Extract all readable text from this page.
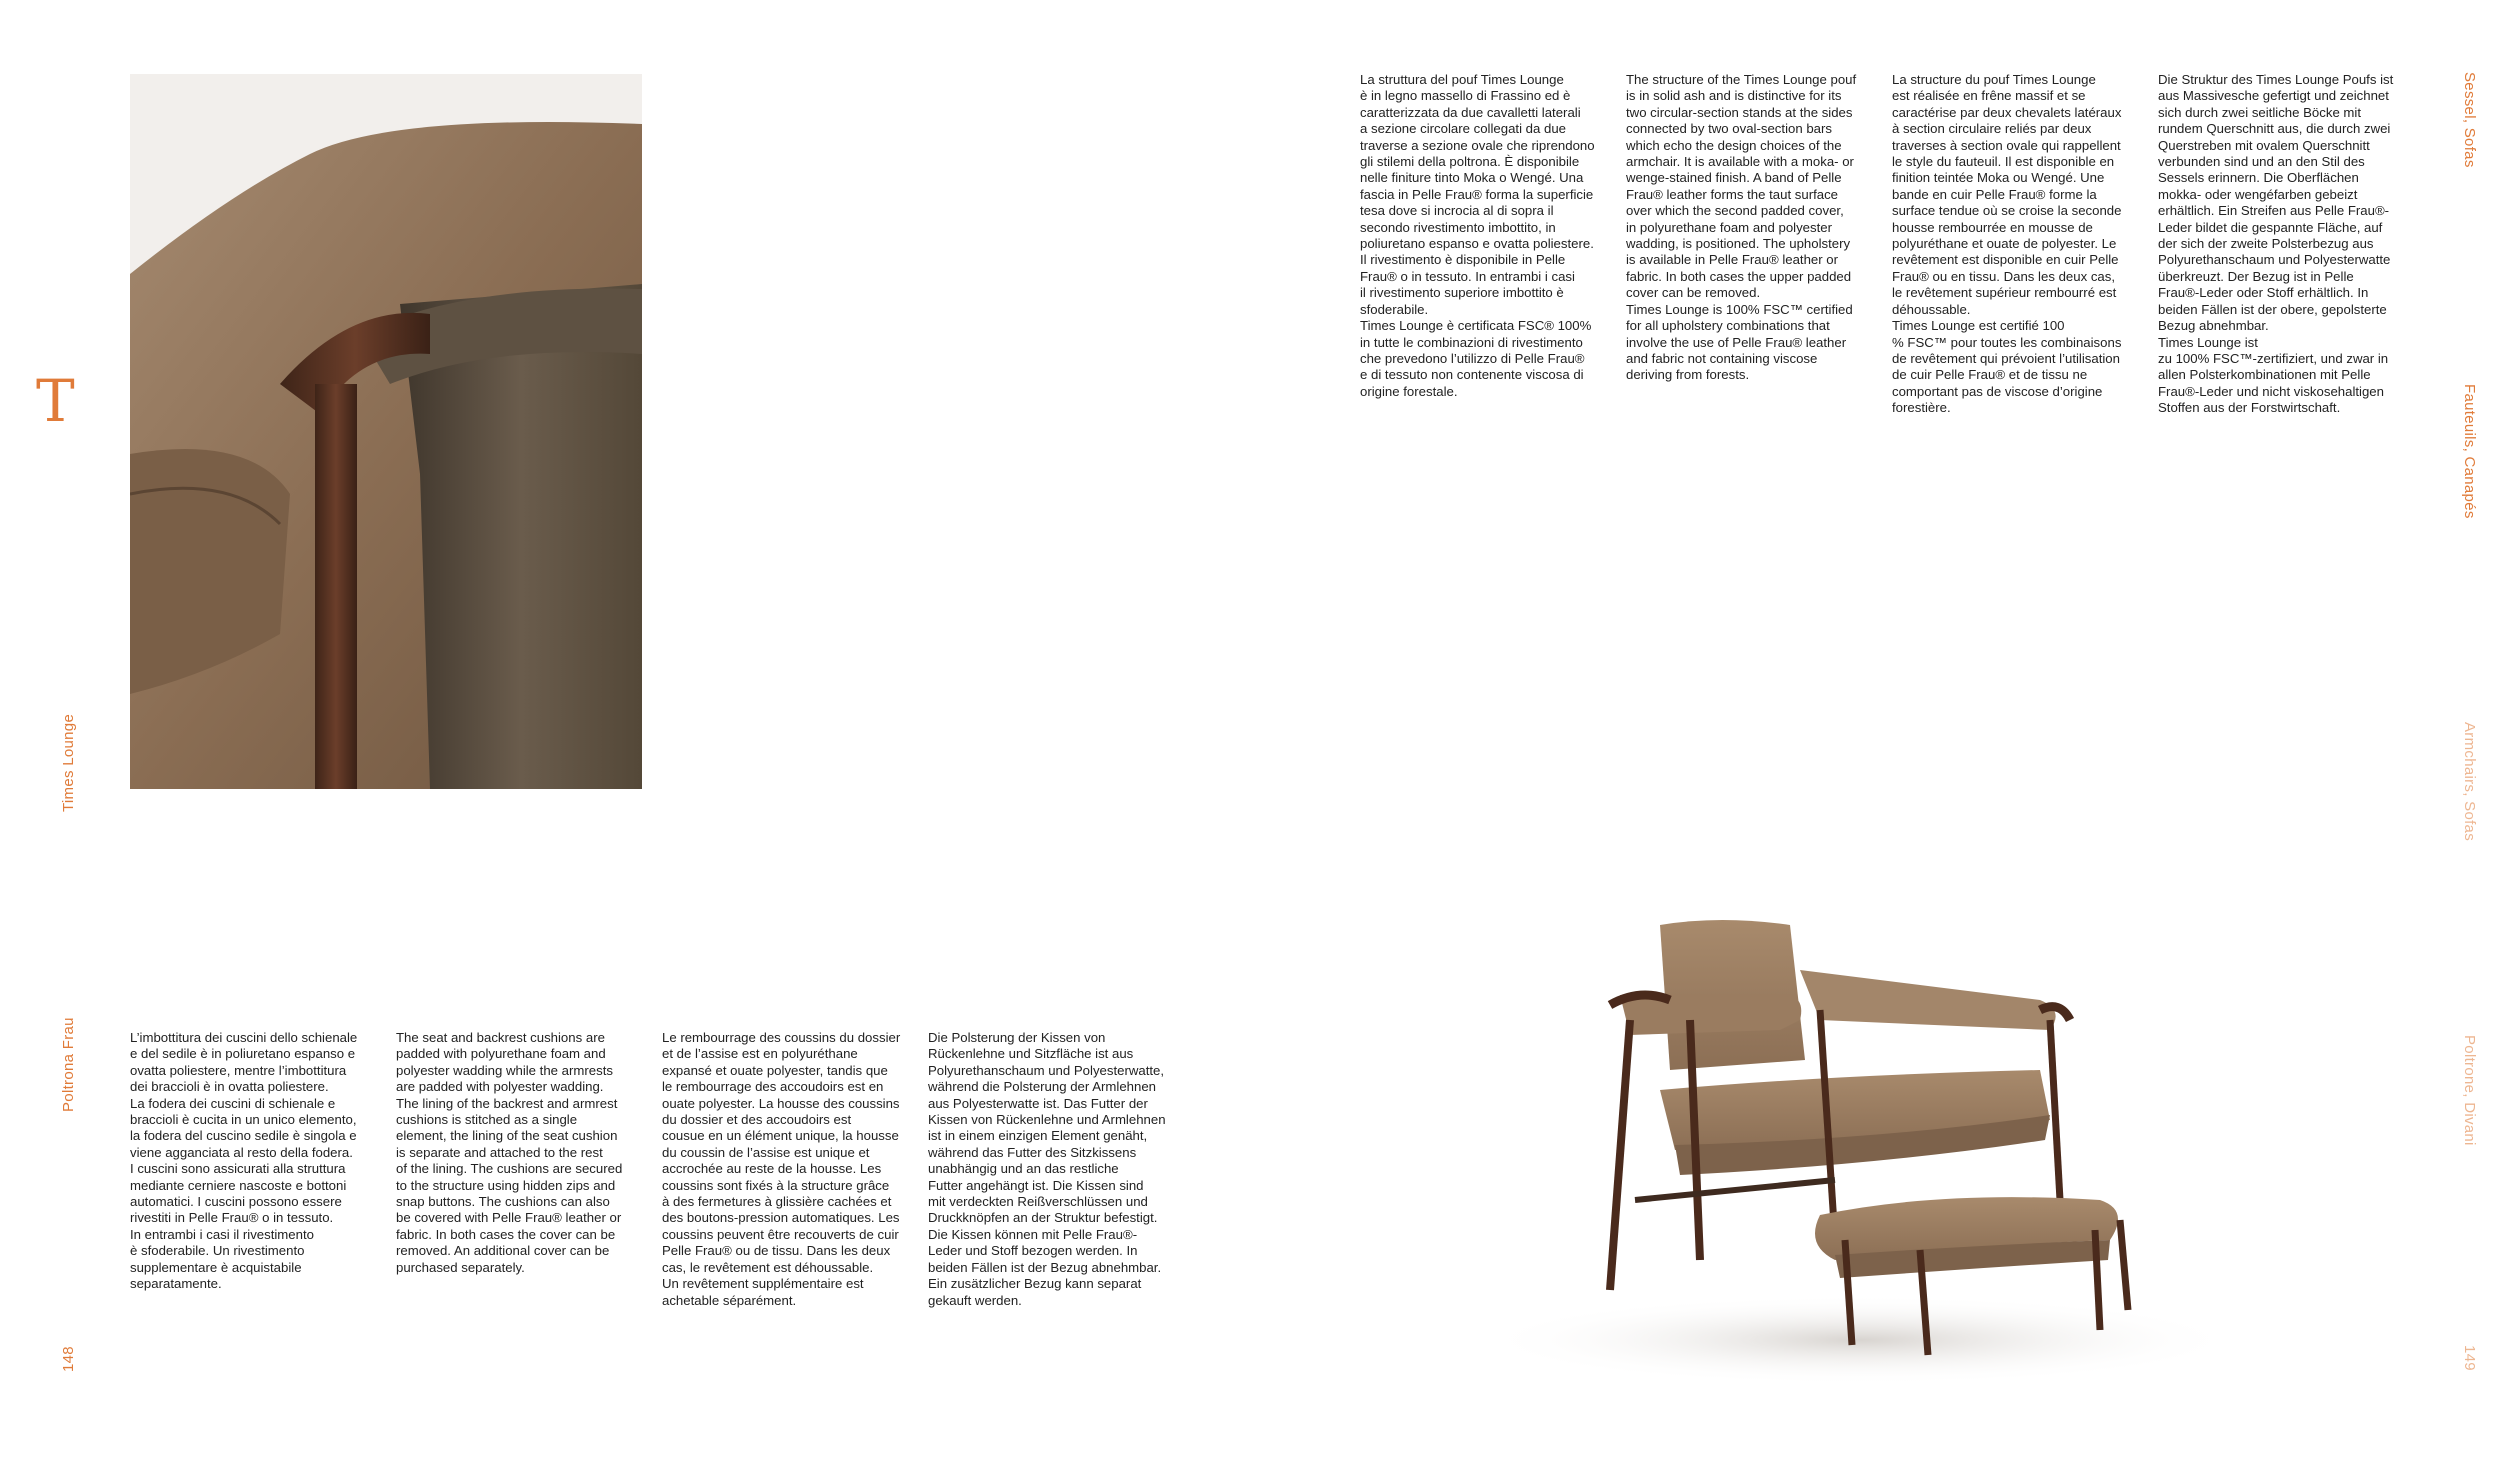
T
Times Lounge
Poltrona Frau
148

L’imbottitura dei cuscini dello schienale

e del sedile è in poliuretano espanso e

ovatta poliestere, mentre l’imbottitura

dei braccioli è in ovatta poliestere.

La fodera dei cuscini di schienale e

braccioli è cucita in un unico elemento,

la fodera del cuscino sedile è singola e

viene agganciata al resto della fodera.

I cuscini sono assicurati alla struttura

mediante cerniere nascoste e bottoni

automatici. I cuscini possono essere

rivestiti in Pelle Frau® o in tessuto.

In entrambi i casi il rivestimento

è sfoderabile. Un rivestimento

supplementare è acquistabile

separatamente.

The seat and backrest cushions are

padded with polyurethane foam and

polyester wadding while the armrests

are padded with polyester wadding.

The lining of the backrest and armrest

cushions is stitched as a single

element, the lining of the seat cushion

is separate and attached to the rest

of the lining. The cushions are secured

to the structure using hidden zips and

snap buttons. The cushions can also

be covered with Pelle Frau® leather or

fabric. In both cases the cover can be

removed. An additional cover can be

purchased separately.

Le rembourrage des coussins du dossier

et de l’assise est en polyuréthane

expansé et ouate polyester, tandis que

le rembourrage des accoudoirs est en

ouate polyester. La housse des coussins

du dossier et des accoudoirs est

cousue en un élément unique, la housse

du coussin de l’assise est unique et

accrochée au reste de la housse. Les

coussins sont fixés à la structure grâce

à des fermetures à glissière cachées et

des boutons-pression automatiques. Les

coussins peuvent être recouverts de cuir

Pelle Frau® ou de tissu. Dans les deux

cas, le revêtement est déhoussable.

Un revêtement supplémentaire est

achetable séparément.

Die Polsterung der Kissen von

Rückenlehne und Sitzfläche ist aus

Polyurethanschaum und Polyesterwatte,

während die Polsterung der Armlehnen

aus Polyesterwatte ist. Das Futter der

Kissen von Rückenlehne und Armlehnen

ist in einem einzigen Element genäht,

während das Futter des Sitzkissens

unabhängig und an das restliche

Futter angehängt ist. Die Kissen sind

mit verdeckten Reißverschlüssen und

Druckknöpfen an der Struktur befestigt.

Die Kissen können mit Pelle Frau®-

Leder und Stoff bezogen werden. In

beiden Fällen ist der Bezug abnehmbar.

Ein zusätzlicher Bezug kann separat

gekauft werden.

La struttura del pouf Times Lounge

è in legno massello di Frassino ed è

caratterizzata da due cavalletti laterali

a sezione circolare collegati da due

traverse a sezione ovale che riprendono

gli stilemi della poltrona. È disponibile

nelle finiture tinto Moka o Wengé. Una

fascia in Pelle Frau® forma la superficie

tesa dove si incrocia al di sopra il

secondo rivestimento imbottito, in

poliuretano espanso e ovatta poliestere.

Il rivestimento è disponibile in Pelle

Frau® o in tessuto. In entrambi i casi

il rivestimento superiore imbottito è

sfoderabile.

Times Lounge è certificata FSC® 100%

in tutte le combinazioni di rivestimento

che prevedono l’utilizzo di Pelle Frau®

e di tessuto non contenente viscosa di

origine forestale.

The structure of the Times Lounge pouf

is in solid ash and is distinctive for its

two circular-section stands at the sides

connected by two oval-section bars

which echo the design choices of the

armchair. It is available with a moka- or

wenge-stained finish. A band of Pelle

Frau® leather forms the taut surface

over which the second padded cover,

in polyurethane foam and polyester

wadding, is positioned. The upholstery

is available in Pelle Frau® leather or

fabric. In both cases the upper padded

cover can be removed.

Times Lounge is 100% FSC™ certified

for all upholstery combinations that

involve the use of Pelle Frau® leather

and fabric not containing viscose

deriving from forests.

La structure du pouf Times Lounge

est réalisée en frêne massif et se

caractérise par deux chevalets latéraux

à section circulaire reliés par deux

traverses à section ovale qui rappellent

le style du fauteuil. Il est disponible en

finition teintée Moka ou Wengé. Une

bande en cuir Pelle Frau® forme la

surface tendue où se croise la seconde

housse rembourrée en mousse de

polyuréthane et ouate de polyester. Le

revêtement est disponible en cuir Pelle

Frau® ou en tissu. Dans les deux cas,

le revêtement supérieur rembourré est

déhoussable.

Times Lounge est certifié 100

% FSC™ pour toutes les combinaisons

de revêtement qui prévoient l’utilisation

de cuir Pelle Frau® et de tissu ne

comportant pas de viscose d’origine

forestière.

Die Struktur des Times Lounge Poufs ist

aus Massivesche gefertigt und zeichnet

sich durch zwei seitliche Böcke mit

rundem Querschnitt aus, die durch zwei

Querstreben mit ovalem Querschnitt

verbunden sind und an den Stil des

Sessels erinnern. Die Oberflächen

mokka- oder wengéfarben gebeizt

erhältlich. Ein Streifen aus Pelle Frau®-

Leder bildet die gespannte Fläche, auf

der sich der zweite Polsterbezug aus

Polyurethanschaum und Polyesterwatte

überkreuzt. Der Bezug ist in Pelle

Frau®-Leder oder Stoff erhältlich. In

beiden Fällen ist der obere, gepolsterte

Bezug abnehmbar.

Times Lounge ist

zu 100% FSC™-zertifiziert, und zwar in

allen Polsterkombinationen mit Pelle

Frau®-Leder und nicht viskosehaltigen

Stoffen aus der Forstwirtschaft.

Sessel, Sofas
Fauteuils, Canapés
Armchairs, Sofas
Poltrone, Divani
149
